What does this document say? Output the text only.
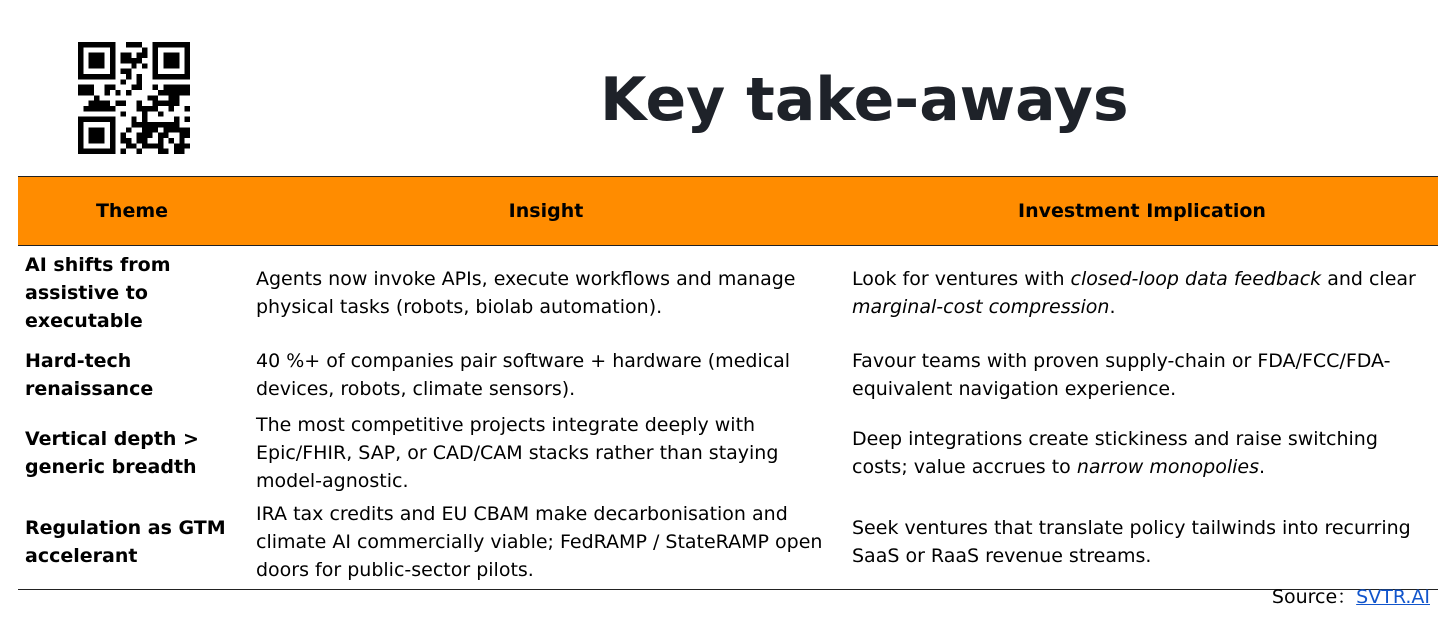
Key take-aways
Theme	Insight	Investment Implication
AI shifts from assistive to executable	Agents now invoke APIs, execute workflows and manage physical tasks (robots, biolab automation).	Look for ventures with closed-loop data feedback and clear marginal-cost compression.
Hard-tech renaissance	40 %+ of companies pair software + hardware (medical devices, robots, climate sensors).	Favour teams with proven supply-chain or FDA/FCC/FDA-equivalent navigation experience.
Vertical depth > generic breadth	The most competitive projects integrate deeply with Epic/FHIR, SAP, or CAD/CAM stacks rather than staying model-agnostic.	Deep integrations create stickiness and raise switching costs; value accrues to narrow monopolies.
Regulation as GTM accelerant	IRA tax credits and EU CBAM make decarbonisation and climate AI commercially viable; FedRAMP / StateRAMP open doors for public-sector pilots.	Seek ventures that translate policy tailwinds into recurring SaaS or RaaS revenue streams.
Source：SVTR.AI
